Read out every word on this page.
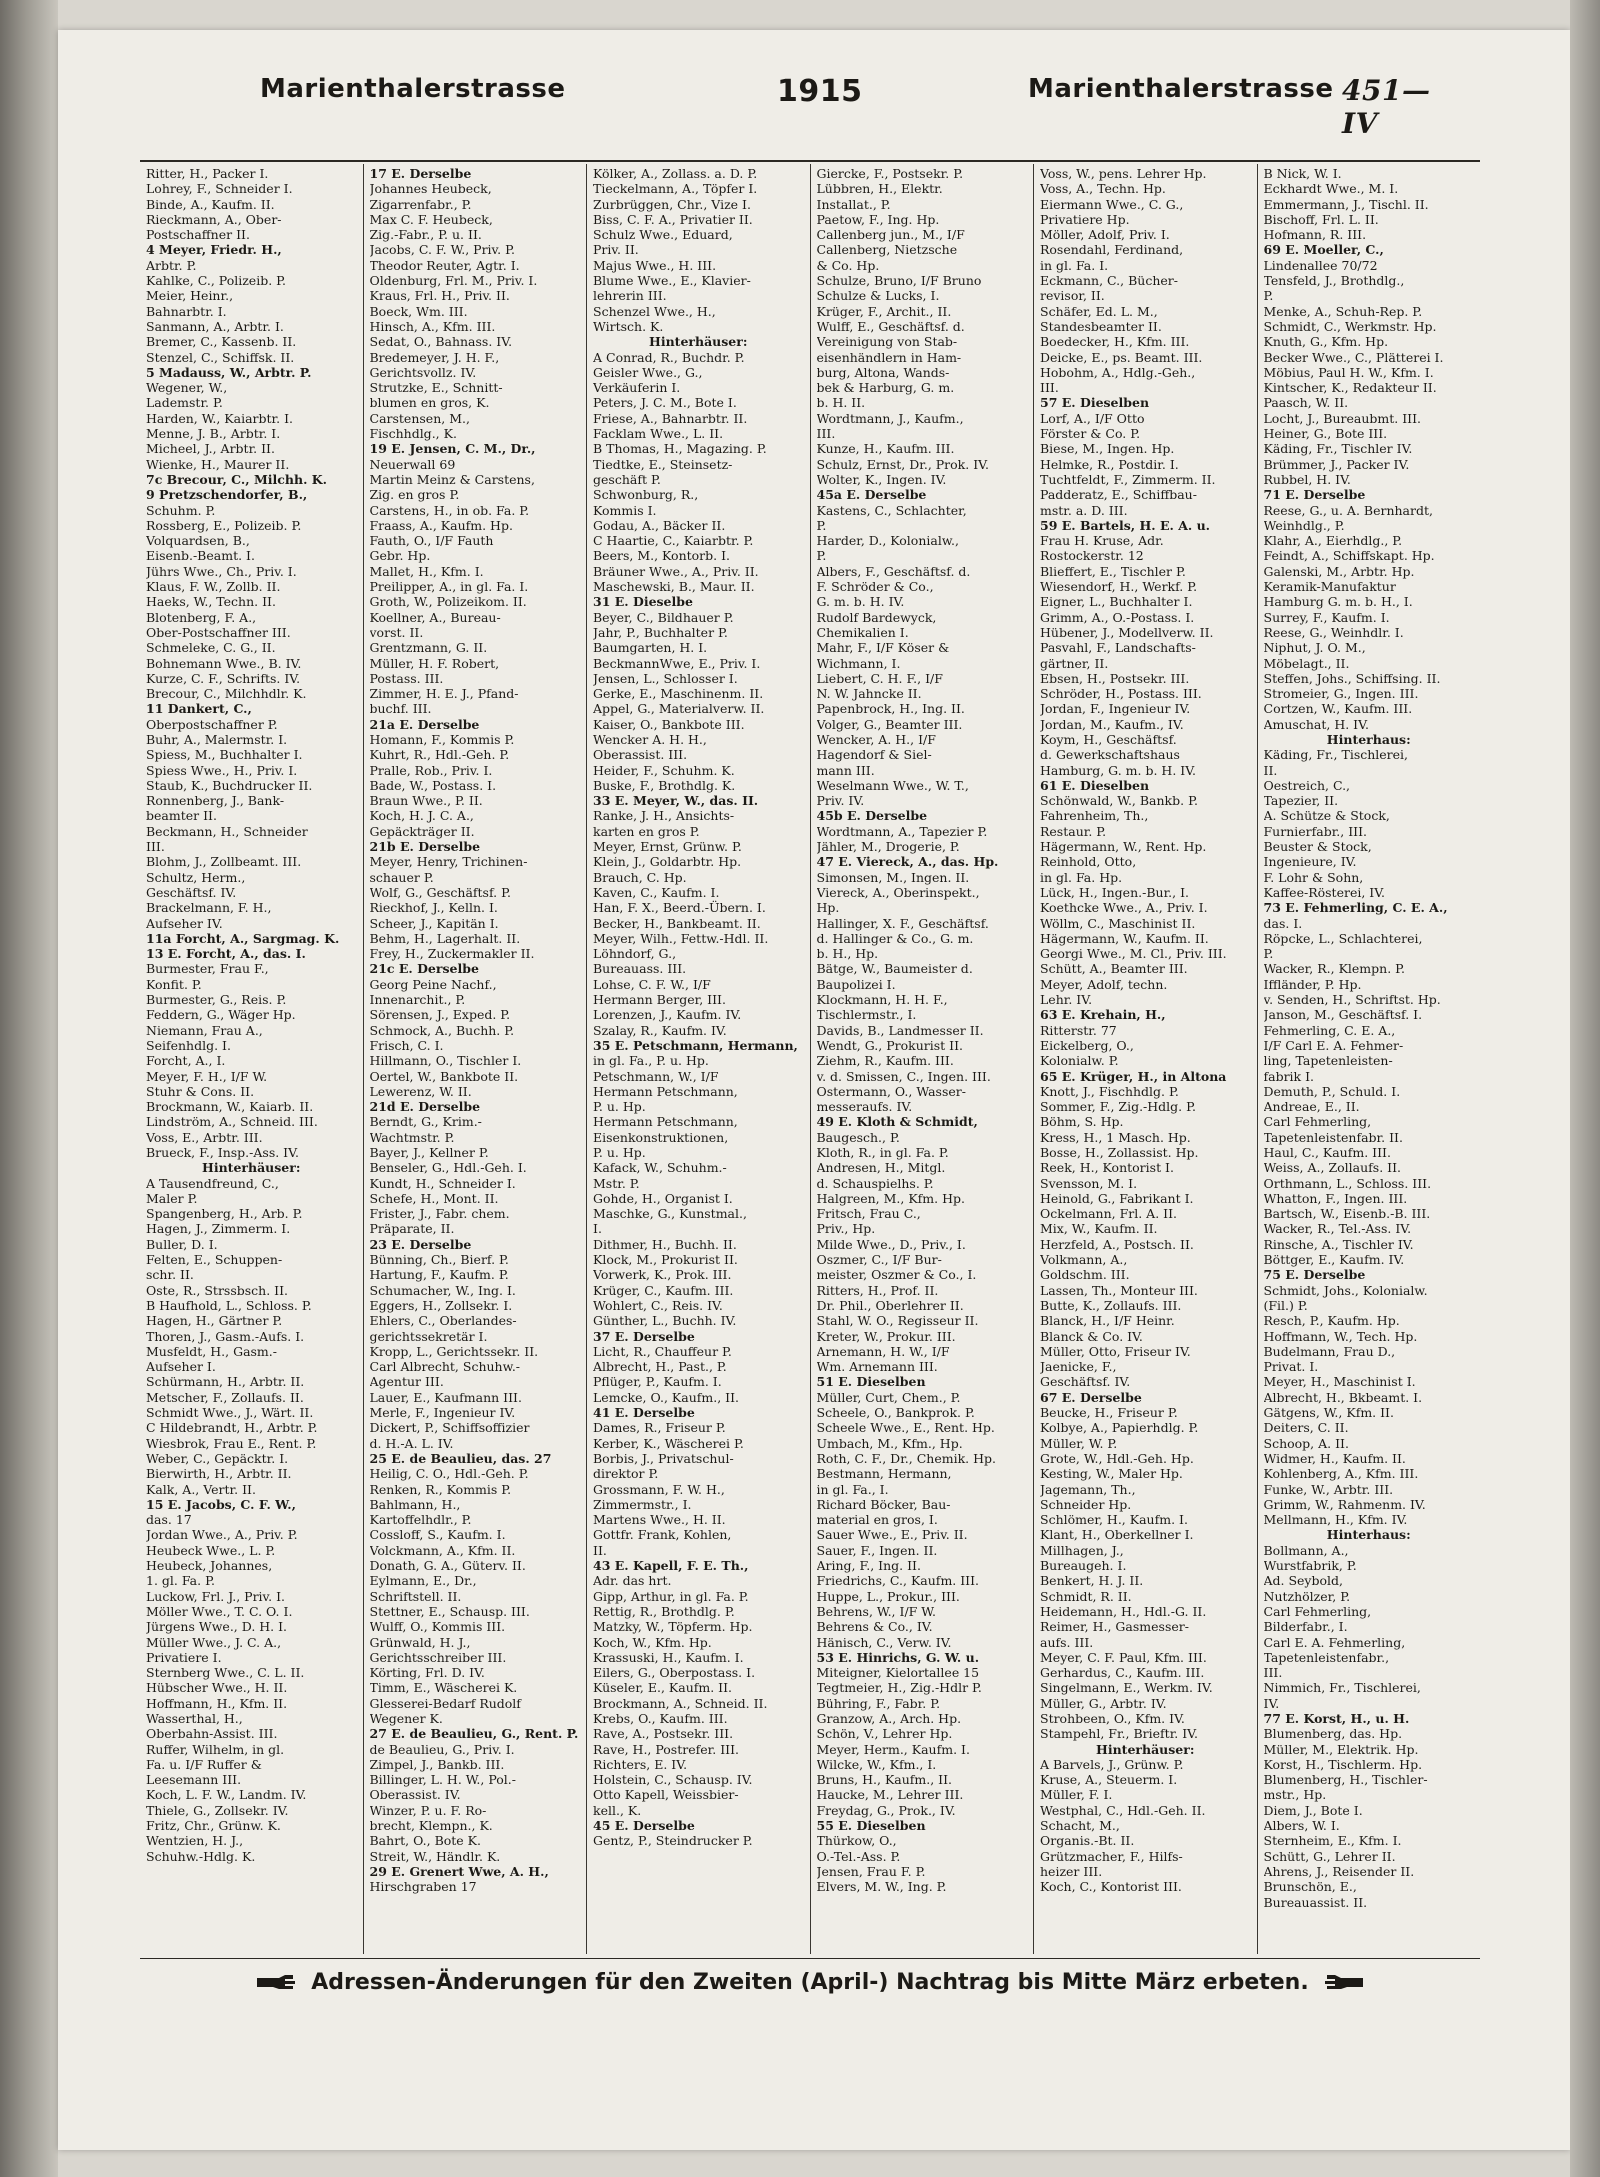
Marienthalerstrasse	1915	Marienthalerstrasse 451—IV
Ritter, H., Packer I.
Lohrey, F., Schneider I.
Binde, A., Kaufm. II.
Rieckmann, A., Ober-
Postschaffner II.
4 Meyer, Friedr. H.,
Arbtr. P.
Kahlke, C., Polizeib. P.
Meier, Heinr.,
Bahnarbtr. I.
Sanmann, A., Arbtr. I.
Bremer, C., Kassenb. II.
Stenzel, C., Schiffsk. II.
5 Madauss, W., Arbtr. P.
Wegener, W.,
Lademstr. P.
Harden, W., Kaiarbtr. I.
Menne, J. B., Arbtr. I.
Micheel, J., Arbtr. II.
Wienke, H., Maurer II.
7c Brecour, C., Milchh. K.
9 Pretzschendorfer, B.,
Schuhm. P.
Rossberg, E., Polizeib. P.
Volquardsen, B.,
Eisenb.-Beamt. I.
Jührs Wwe., Ch., Priv. I.
Klaus, F. W., Zollb. II.
Haeks, W., Techn. II.
Blotenberg, F. A.,
Ober-Postschaffner III.
Schmeleke, C. G., II.
Bohnemann Wwe., B. IV.
Kurze, C. F., Schrifts. IV.
Brecour, C., Milchhdlr. K.
11 Dankert, C.,
Oberpostschaffner P.
Buhr, A., Malermstr. I.
Spiess, M., Buchhalter I.
Spiess Wwe., H., Priv. I.
Staub, K., Buchdrucker II.
Ronnenberg, J., Bank-
beamter II.
Beckmann, H., Schneider
III.
Blohm, J., Zollbeamt. III.
Schultz, Herm.,
Geschäftsf. IV.
Brackelmann, F. H.,
Aufseher IV.
11a Forcht, A., Sargmag. K.
13 E. Forcht, A., das. I.
Burmester, Frau F.,
Konfit. P.
Burmester, G., Reis. P.
Feddern, G., Wäger Hp.
Niemann, Frau A.,
Seifenhdlg. I.
Forcht, A., I.
Meyer, F. H., I/F W.
Stuhr & Cons. II.
Brockmann, W., Kaiarb. II.
Lindström, A., Schneid. III.
Voss, E., Arbtr. III.
Brueck, F., Insp.-Ass. IV.
Hinterhäuser:
A Tausendfreund, C.,
Maler P.
Spangenberg, H., Arb. P.
Hagen, J., Zimmerm. I.
Buller, D. I.
Felten, E., Schuppen-
schr. II.
Oste, R., Strssbsch. II.
B Haufhold, L., Schloss. P.
Hagen, H., Gärtner P.
Thoren, J., Gasm.-Aufs. I.
Musfeldt, H., Gasm.-
Aufseher I.
Schürmann, H., Arbtr. II.
Metscher, F., Zollaufs. II.
Schmidt Wwe., J., Wärt. II.
C Hildebrandt, H., Arbtr. P.
Wiesbrok, Frau E., Rent. P.
Weber, C., Gepäcktr. I.
Bierwirth, H., Arbtr. II.
Kalk, A., Vertr. II.
15 E. Jacobs, C. F. W.,
das. 17
Jordan Wwe., A., Priv. P.
Heubeck Wwe., L. P.
Heubeck, Johannes,
1. gl. Fa. P.
Luckow, Frl. J., Priv. I.
Möller Wwe., T. C. O. I.
Jürgens Wwe., D. H. I.
Müller Wwe., J. C. A.,
Privatiere I.
Sternberg Wwe., C. L. II.
Hübscher Wwe., H. II.
Hoffmann, H., Kfm. II.
Wasserthal, H.,
Oberbahn-Assist. III.
Ruffer, Wilhelm, in gl.
Fa. u. I/F Ruffer &
Leesemann III.
Koch, L. F. W., Landm. IV.
Thiele, G., Zollsekr. IV.
Fritz, Chr., Grünw. K.
Wentzien, H. J.,
Schuhw.-Hdlg. K.
17 E. Derselbe
Johannes Heubeck,
Zigarrenfabr., P.
Max C. F. Heubeck,
Zig.-Fabr., P. u. II.
Jacobs, C. F. W., Priv. P.
Theodor Reuter, Agtr. I.
Oldenburg, Frl. M., Priv. I.
Kraus, Frl. H., Priv. II.
Boeck, Wm. III.
Hinsch, A., Kfm. III.
Sedat, O., Bahnass. IV.
Bredemeyer, J. H. F.,
Gerichtsvollz. IV.
Strutzke, E., Schnitt-
blumen en gros, K.
Carstensen, M.,
Fischhdlg., K.
19 E. Jensen, C. M., Dr.,
Neuerwall 69
Martin Meinz & Carstens,
Zig. en gros P.
Carstens, H., in ob. Fa. P.
Fraass, A., Kaufm. Hp.
Fauth, O., I/F Fauth
Gebr. Hp.
Mallet, H., Kfm. I.
Preilipper, A., in gl. Fa. I.
Groth, W., Polizeikom. II.
Koellner, A., Bureau-
vorst. II.
Grentzmann, G. II.
Müller, H. F. Robert,
Postass. III.
Zimmer, H. E. J., Pfand-
buchf. III.
21a E. Derselbe
Homann, F., Kommis P.
Kuhrt, R., Hdl.-Geh. P.
Pralle, Rob., Priv. I.
Bade, W., Postass. I.
Braun Wwe., P. II.
Koch, H. J. C. A.,
Gepäckträger II.
21b E. Derselbe
Meyer, Henry, Trichinen-
schauer P.
Wolf, G., Geschäftsf. P.
Rieckhof, J., Kelln. I.
Scheer, J., Kapitän I.
Behm, H., Lagerhalt. II.
Frey, H., Zuckermakler II.
21c E. Derselbe
Georg Peine Nachf.,
Innenarchit., P.
Sörensen, J., Exped. P.
Schmock, A., Buchh. P.
Frisch, C. I.
Hillmann, O., Tischler I.
Oertel, W., Bankbote II.
Lewerenz, W. II.
21d E. Derselbe
Berndt, G., Krim.-
Wachtmstr. P.
Bayer, J., Kellner P.
Benseler, G., Hdl.-Geh. I.
Kundt, H., Schneider I.
Schefe, H., Mont. II.
Frister, J., Fabr. chem.
Präparate, II.
23 E. Derselbe
Bünning, Ch., Bierf. P.
Hartung, F., Kaufm. P.
Schumacher, W., Ing. I.
Eggers, H., Zollsekr. I.
Ehlers, C., Oberlandes-
gerichtssekretär I.
Kropp, L., Gerichtssekr. II.
Carl Albrecht, Schuhw.-
Agentur III.
Lauer, E., Kaufmann III.
Merle, F., Ingenieur IV.
Dickert, P., Schiffsoffizier
d. H.-A. L. IV.
25 E. de Beaulieu, das. 27
Heilig, C. O., Hdl.-Geh. P.
Renken, R., Kommis P.
Bahlmann, H.,
Kartoffelhdlr., P.
Cossloff, S., Kaufm. I.
Volckmann, A., Kfm. II.
Donath, G. A., Güterv. II.
Eylmann, E., Dr.,
Schriftstell. II.
Stettner, E., Schausp. III.
Wulff, O., Kommis III.
Grünwald, H. J.,
Gerichtsschreiber III.
Körting, Frl. D. IV.
Timm, E., Wäscherei K.
Glesserei-Bedarf Rudolf
Wegener K.
27 E. de Beaulieu, G., Rent. P.
de Beaulieu, G., Priv. I.
Zimpel, J., Bankb. III.
Billinger, L. H. W., Pol.-
Oberassist. IV.
Winzer, P. u. F. Ro-
brecht, Klempn., K.
Bahrt, O., Bote K.
Streit, W., Händlr. K.
29 E. Grenert Wwe, A. H.,
Hirschgraben 17
Kölker, A., Zollass. a. D. P.
Tieckelmann, A., Töpfer I.
Zurbrüggen, Chr., Vize I.
Biss, C. F. A., Privatier II.
Schulz Wwe., Eduard,
Priv. II.
Majus Wwe., H. III.
Blume Wwe., E., Klavier-
lehrerin III.
Schenzel Wwe., H.,
Wirtsch. K.
Hinterhäuser:
A Conrad, R., Buchdr. P.
Geisler Wwe., G.,
Verkäuferin I.
Peters, J. C. M., Bote I.
Friese, A., Bahnarbtr. II.
Facklam Wwe., L. II.
B Thomas, H., Magazing. P.
Tiedtke, E., Steinsetz-
geschäft P.
Schwonburg, R.,
Kommis I.
Godau, A., Bäcker II.
C Haartie, C., Kaiarbtr. P.
Beers, M., Kontorb. I.
Bräuner Wwe., A., Priv. II.
Maschewski, B., Maur. II.
31 E. Dieselbe
Beyer, C., Bildhauer P.
Jahr, P., Buchhalter P.
Baumgarten, H. I.
BeckmannWwe, E., Priv. I.
Jensen, L., Schlosser I.
Gerke, E., Maschinenm. II.
Appel, G., Materialverw. II.
Kaiser, O., Bankbote III.
Wencker A. H. H.,
Oberassist. III.
Heider, F., Schuhm. K.
Buske, F., Brothdlg. K.
33 E. Meyer, W., das. II.
Ranke, J. H., Ansichts-
karten en gros P.
Meyer, Ernst, Grünw. P.
Klein, J., Goldarbtr. Hp.
Brauch, C. Hp.
Kaven, C., Kaufm. I.
Han, F. X., Beerd.-Übern. I.
Becker, H., Bankbeamt. II.
Meyer, Wilh., Fettw.-Hdl. II.
Löhndorf, G.,
Bureauass. III.
Lohse, C. F. W., I/F
Hermann Berger, III.
Lorenzen, J., Kaufm. IV.
Szalay, R., Kaufm. IV.
35 E. Petschmann, Hermann,
in gl. Fa., P. u. Hp.
Petschmann, W., I/F
Hermann Petschmann,
P. u. Hp.
Hermann Petschmann,
Eisenkonstruktionen,
P. u. Hp.
Kafack, W., Schuhm.-
Mstr. P.
Gohde, H., Organist I.
Maschke, G., Kunstmal.,
I.
Dithmer, H., Buchh. II.
Klock, M., Prokurist II.
Vorwerk, K., Prok. III.
Krüger, C., Kaufm. III.
Wohlert, C., Reis. IV.
Günther, L., Buchh. IV.
37 E. Derselbe
Licht, R., Chauffeur P.
Albrecht, H., Past., P.
Pflüger, P., Kaufm. I.
Lemcke, O., Kaufm., II.
41 E. Derselbe
Dames, R., Friseur P.
Kerber, K., Wäscherei P.
Borbis, J., Privatschul-
direktor P.
Grossmann, F. W. H.,
Zimmermstr., I.
Martens Wwe., H. II.
Gottfr. Frank, Kohlen,
II.
43 E. Kapell, F. E. Th.,
Adr. das hrt.
Gipp, Arthur, in gl. Fa. P.
Rettig, R., Brothdlg. P.
Matzky, W., Töpferm. Hp.
Koch, W., Kfm. Hp.
Krassuski, H., Kaufm. I.
Eilers, G., Oberpostass. I.
Küseler, E., Kaufm. II.
Brockmann, A., Schneid. II.
Krebs, O., Kaufm. III.
Rave, A., Postsekr. III.
Rave, H., Postrefer. III.
Richters, E. IV.
Holstein, C., Schausp. IV.
Otto Kapell, Weissbier-
kell., K.
45 E. Derselbe
Gentz, P., Steindrucker P.
Giercke, F., Postsekr. P.
Lübbren, H., Elektr.
Installat., P.
Paetow, F., Ing. Hp.
Callenberg jun., M., I/F
Callenberg, Nietzsche
& Co. Hp.
Schulze, Bruno, I/F Bruno
Schulze & Lucks, I.
Krüger, F., Archit., II.
Wulff, E., Geschäftsf. d.
Vereinigung von Stab-
eisenhändlern in Ham-
burg, Altona, Wands-
bek & Harburg, G. m.
b. H. II.
Wordtmann, J., Kaufm.,
III.
Kunze, H., Kaufm. III.
Schulz, Ernst, Dr., Prok. IV.
Wolter, K., Ingen. IV.
45a E. Derselbe
Kastens, C., Schlachter,
P.
Harder, D., Kolonialw.,
P.
Albers, F., Geschäftsf. d.
F. Schröder & Co.,
G. m. b. H. IV.
Rudolf Bardewyck,
Chemikalien I.
Mahr, F., I/F Köser &
Wichmann, I.
Liebert, C. H. F., I/F
N. W. Jahncke II.
Papenbrock, H., Ing. II.
Volger, G., Beamter III.
Wencker, A. H., I/F
Hagendorf & Siel-
mann III.
Weselmann Wwe., W. T.,
Priv. IV.
45b E. Derselbe
Wordtmann, A., Tapezier P.
Jähler, M., Drogerie, P.
47 E. Viereck, A., das. Hp.
Simonsen, M., Ingen. II.
Viereck, A., Oberinspekt.,
Hp.
Hallinger, X. F., Geschäftsf.
d. Hallinger & Co., G. m.
b. H., Hp.
Bätge, W., Baumeister d.
Baupolizei I.
Klockmann, H. H. F.,
Tischlermstr., I.
Davids, B., Landmesser II.
Wendt, G., Prokurist II.
Ziehm, R., Kaufm. III.
v. d. Smissen, C., Ingen. III.
Ostermann, O., Wasser-
messeraufs. IV.
49 E. Kloth & Schmidt,
Baugesch., P.
Kloth, R., in gl. Fa. P.
Andresen, H., Mitgl.
d. Schauspielhs. P.
Halgreen, M., Kfm. Hp.
Fritsch, Frau C.,
Priv., Hp.
Milde Wwe., D., Priv., I.
Oszmer, C., I/F Bur-
meister, Oszmer & Co., I.
Ritters, H., Prof. II.
Dr. Phil., Oberlehrer II.
Stahl, W. O., Regisseur II.
Kreter, W., Prokur. III.
Arnemann, H. W., I/F
Wm. Arnemann III.
51 E. Dieselben
Müller, Curt, Chem., P.
Scheele, O., Bankprok. P.
Scheele Wwe., E., Rent. Hp.
Umbach, M., Kfm., Hp.
Roth, C. F., Dr., Chemik. Hp.
Bestmann, Hermann,
in gl. Fa., I.
Richard Böcker, Bau-
material en gros, I.
Sauer Wwe., E., Priv. II.
Sauer, F., Ingen. II.
Aring, F., Ing. II.
Friedrichs, C., Kaufm. III.
Huppe, L., Prokur., III.
Behrens, W., I/F W.
Behrens & Co., IV.
Hänisch, C., Verw. IV.
53 E. Hinrichs, G. W. u.
Miteigner, Kielortallee 15
Tegtmeier, H., Zig.-Hdlr P.
Bühring, F., Fabr. P.
Granzow, A., Arch. Hp.
Schön, V., Lehrer Hp.
Meyer, Herm., Kaufm. I.
Wilcke, W., Kfm., I.
Bruns, H., Kaufm., II.
Haucke, M., Lehrer III.
Freydag, G., Prok., IV.
55 E. Dieselben
Thürkow, O.,
O.-Tel.-Ass. P.
Jensen, Frau F. P.
Elvers, M. W., Ing. P.
Voss, W., pens. Lehrer Hp.
Voss, A., Techn. Hp.
Eiermann Wwe., C. G.,
Privatiere Hp.
Möller, Adolf, Priv. I.
Rosendahl, Ferdinand,
in gl. Fa. I.
Eckmann, C., Bücher-
revisor, II.
Schäfer, Ed. L. M.,
Standesbeamter II.
Boedecker, H., Kfm. III.
Deicke, E., ps. Beamt. III.
Hobohm, A., Hdlg.-Geh.,
III.
57 E. Dieselben
Lorf, A., I/F Otto
Förster & Co. P.
Biese, M., Ingen. Hp.
Helmke, R., Postdir. I.
Tuchtfeldt, F., Zimmerm. II.
Padderatz, E., Schiffbau-
mstr. a. D. III.
59 E. Bartels, H. E. A. u.
Frau H. Kruse, Adr.
Rostockerstr. 12
Blieffert, E., Tischler P.
Wiesendorf, H., Werkf. P.
Eigner, L., Buchhalter I.
Grimm, A., O.-Postass. I.
Hübener, J., Modellverw. II.
Pasvahl, F., Landschafts-
gärtner, II.
Ebsen, H., Postsekr. III.
Schröder, H., Postass. III.
Jordan, F., Ingenieur IV.
Jordan, M., Kaufm., IV.
Koym, H., Geschäftsf.
d. Gewerkschaftshaus
Hamburg, G. m. b. H. IV.
61 E. Dieselben
Schönwald, W., Bankb. P.
Fahrenheim, Th.,
Restaur. P.
Hägermann, W., Rent. Hp.
Reinhold, Otto,
in gl. Fa. Hp.
Lück, H., Ingen.-Bur., I.
Koethcke Wwe., A., Priv. I.
Wöllm, C., Maschinist II.
Hägermann, W., Kaufm. II.
Georgi Wwe., M. Cl., Priv. III.
Schütt, A., Beamter III.
Meyer, Adolf, techn.
Lehr. IV.
63 E. Krehain, H.,
Ritterstr. 77
Eickelberg, O.,
Kolonialw. P.
65 E. Krüger, H., in Altona
Knott, J., Fischhdlg. P.
Sommer, F., Zig.-Hdlg. P.
Böhm, S. Hp.
Kress, H., 1 Masch. Hp.
Bosse, H., Zollassist. Hp.
Reek, H., Kontorist I.
Svensson, M. I.
Heinold, G., Fabrikant I.
Ockelmann, Frl. A. II.
Mix, W., Kaufm. II.
Herzfeld, A., Postsch. II.
Volkmann, A.,
Goldschm. III.
Lassen, Th., Monteur III.
Butte, K., Zollaufs. III.
Blanck, H., I/F Heinr.
Blanck & Co. IV.
Müller, Otto, Friseur IV.
Jaenicke, F.,
Geschäftsf. IV.
67 E. Derselbe
Beucke, H., Friseur P.
Kolbye, A., Papierhdlg. P.
Müller, W. P.
Grote, W., Hdl.-Geh. Hp.
Kesting, W., Maler Hp.
Jagemann, Th.,
Schneider Hp.
Schlömer, H., Kaufm. I.
Klant, H., Oberkellner I.
Millhagen, J.,
Bureaugeh. I.
Benkert, H. J. II.
Schmidt, R. II.
Heidemann, H., Hdl.-G. II.
Reimer, H., Gasmesser-
aufs. III.
Meyer, C. F. Paul, Kfm. III.
Gerhardus, C., Kaufm. III.
Singelmann, E., Werkm. IV.
Müller, G., Arbtr. IV.
Strohbeen, O., Kfm. IV.
Stampehl, Fr., Brieftr. IV.
Hinterhäuser:
A Barvels, J., Grünw. P.
Kruse, A., Steuerm. I.
Müller, F. I.
Westphal, C., Hdl.-Geh. II.
Schacht, M.,
Organis.-Bt. II.
Grützmacher, F., Hilfs-
heizer III.
Koch, C., Kontorist III.
B Nick, W. I.
Eckhardt Wwe., M. I.
Emmermann, J., Tischl. II.
Bischoff, Frl. L. II.
Hofmann, R. III.
69 E. Moeller, C.,
Lindenallee 70/72
Tensfeld, J., Brothdlg.,
P.
Menke, A., Schuh-Rep. P.
Schmidt, C., Werkmstr. Hp.
Knuth, G., Kfm. Hp.
Becker Wwe., C., Plätterei I.
Möbius, Paul H. W., Kfm. I.
Kintscher, K., Redakteur II.
Paasch, W. II.
Locht, J., Bureaubmt. III.
Heiner, G., Bote III.
Käding, Fr., Tischler IV.
Brümmer, J., Packer IV.
Rubbel, H. IV.
71 E. Derselbe
Reese, G., u. A. Bernhardt,
Weinhdlg., P.
Klahr, A., Eierhdlg., P.
Feindt, A., Schiffskapt. Hp.
Galenski, M., Arbtr. Hp.
Keramik-Manufaktur
Hamburg G. m. b. H., I.
Surrey, F., Kaufm. I.
Reese, G., Weinhdlr. I.
Niphut, J. O. M.,
Möbelagt., II.
Steffen, Johs., Schiffsing. II.
Stromeier, G., Ingen. III.
Cortzen, W., Kaufm. III.
Amuschat, H. IV.
Hinterhaus:
Käding, Fr., Tischlerei,
II.
Oestreich, C.,
Tapezier, II.
A. Schütze & Stock,
Furnierfabr., III.
Beuster & Stock,
Ingenieure, IV.
F. Lohr & Sohn,
Kaffee-Rösterei, IV.
73 E. Fehmerling, C. E. A.,
das. I.
Röpcke, L., Schlachterei,
P.
Wacker, R., Klempn. P.
Iffländer, P. Hp.
v. Senden, H., Schriftst. Hp.
Janson, M., Geschäftsf. I.
Fehmerling, C. E. A.,
I/F Carl E. A. Fehmer-
ling, Tapetenleisten-
fabrik I.
Demuth, P., Schuld. I.
Andreae, E., II.
Carl Fehmerling,
Tapetenleistenfabr. II.
Haul, C., Kaufm. III.
Weiss, A., Zollaufs. II.
Orthmann, L., Schloss. III.
Whatton, F., Ingen. III.
Bartsch, W., Eisenb.-B. III.
Wacker, R., Tel.-Ass. IV.
Rinsche, A., Tischler IV.
Böttger, E., Kaufm. IV.
75 E. Derselbe
Schmidt, Johs., Kolonialw.
(Fil.) P.
Resch, P., Kaufm. Hp.
Hoffmann, W., Tech. Hp.
Budelmann, Frau D.,
Privat. I.
Meyer, H., Maschinist I.
Albrecht, H., Bkbeamt. I.
Gätgens, W., Kfm. II.
Deiters, C. II.
Schoop, A. II.
Widmer, H., Kaufm. II.
Kohlenberg, A., Kfm. III.
Funke, W., Arbtr. III.
Grimm, W., Rahmenm. IV.
Mellmann, H., Kfm. IV.
Hinterhaus:
Bollmann, A.,
Wurstfabrik, P.
Ad. Seybold,
Nutzhölzer, P.
Carl Fehmerling,
Bilderfabr., I.
Carl E. A. Fehmerling,
Tapetenleistenfabr.,
III.
Nimmich, Fr., Tischlerei,
IV.
77 E. Korst, H., u. H.
Blumenberg, das. Hp.
Müller, M., Elektrik. Hp.
Korst, H., Tischlerm. Hp.
Blumenberg, H., Tischler-
mstr., Hp.
Diem, J., Bote I.
Albers, W. I.
Sternheim, E., Kfm. I.
Schütt, G., Lehrer II.
Ahrens, J., Reisender II.
Brunschön, E.,
Bureauassist. II.
Adressen-Änderungen für den Zweiten (April-) Nachtrag bis Mitte März erbeten.
